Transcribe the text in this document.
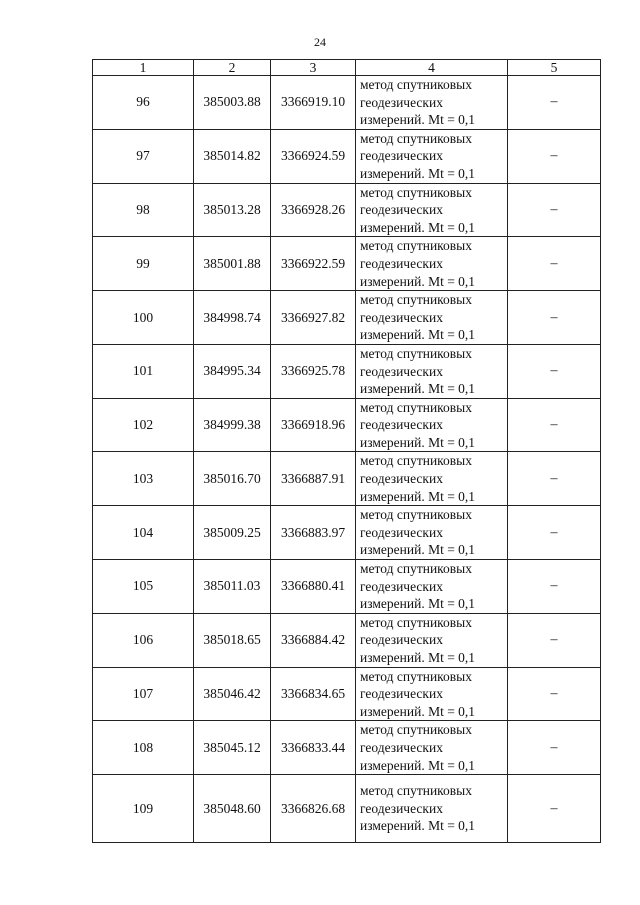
24
1	2	3	4	5
96	385003.88	3366919.10	метод спутниковых
геодезических
измерений. Mt = 0,1	–
97	385014.82	3366924.59	метод спутниковых
геодезических
измерений. Mt = 0,1	–
98	385013.28	3366928.26	метод спутниковых
геодезических
измерений. Mt = 0,1	–
99	385001.88	3366922.59	метод спутниковых
геодезических
измерений. Mt = 0,1	–
100	384998.74	3366927.82	метод спутниковых
геодезических
измерений. Mt = 0,1	–
101	384995.34	3366925.78	метод спутниковых
геодезических
измерений. Mt = 0,1	–
102	384999.38	3366918.96	метод спутниковых
геодезических
измерений. Mt = 0,1	–
103	385016.70	3366887.91	метод спутниковых
геодезических
измерений. Mt = 0,1	–
104	385009.25	3366883.97	метод спутниковых
геодезических
измерений. Mt = 0,1	–
105	385011.03	3366880.41	метод спутниковых
геодезических
измерений. Mt = 0,1	–
106	385018.65	3366884.42	метод спутниковых
геодезических
измерений. Mt = 0,1	–
107	385046.42	3366834.65	метод спутниковых
геодезических
измерений. Mt = 0,1	–
108	385045.12	3366833.44	метод спутниковых
геодезических
измерений. Mt = 0,1	–
109	385048.60	3366826.68	метод спутниковых
геодезических
измерений. Mt = 0,1	–
